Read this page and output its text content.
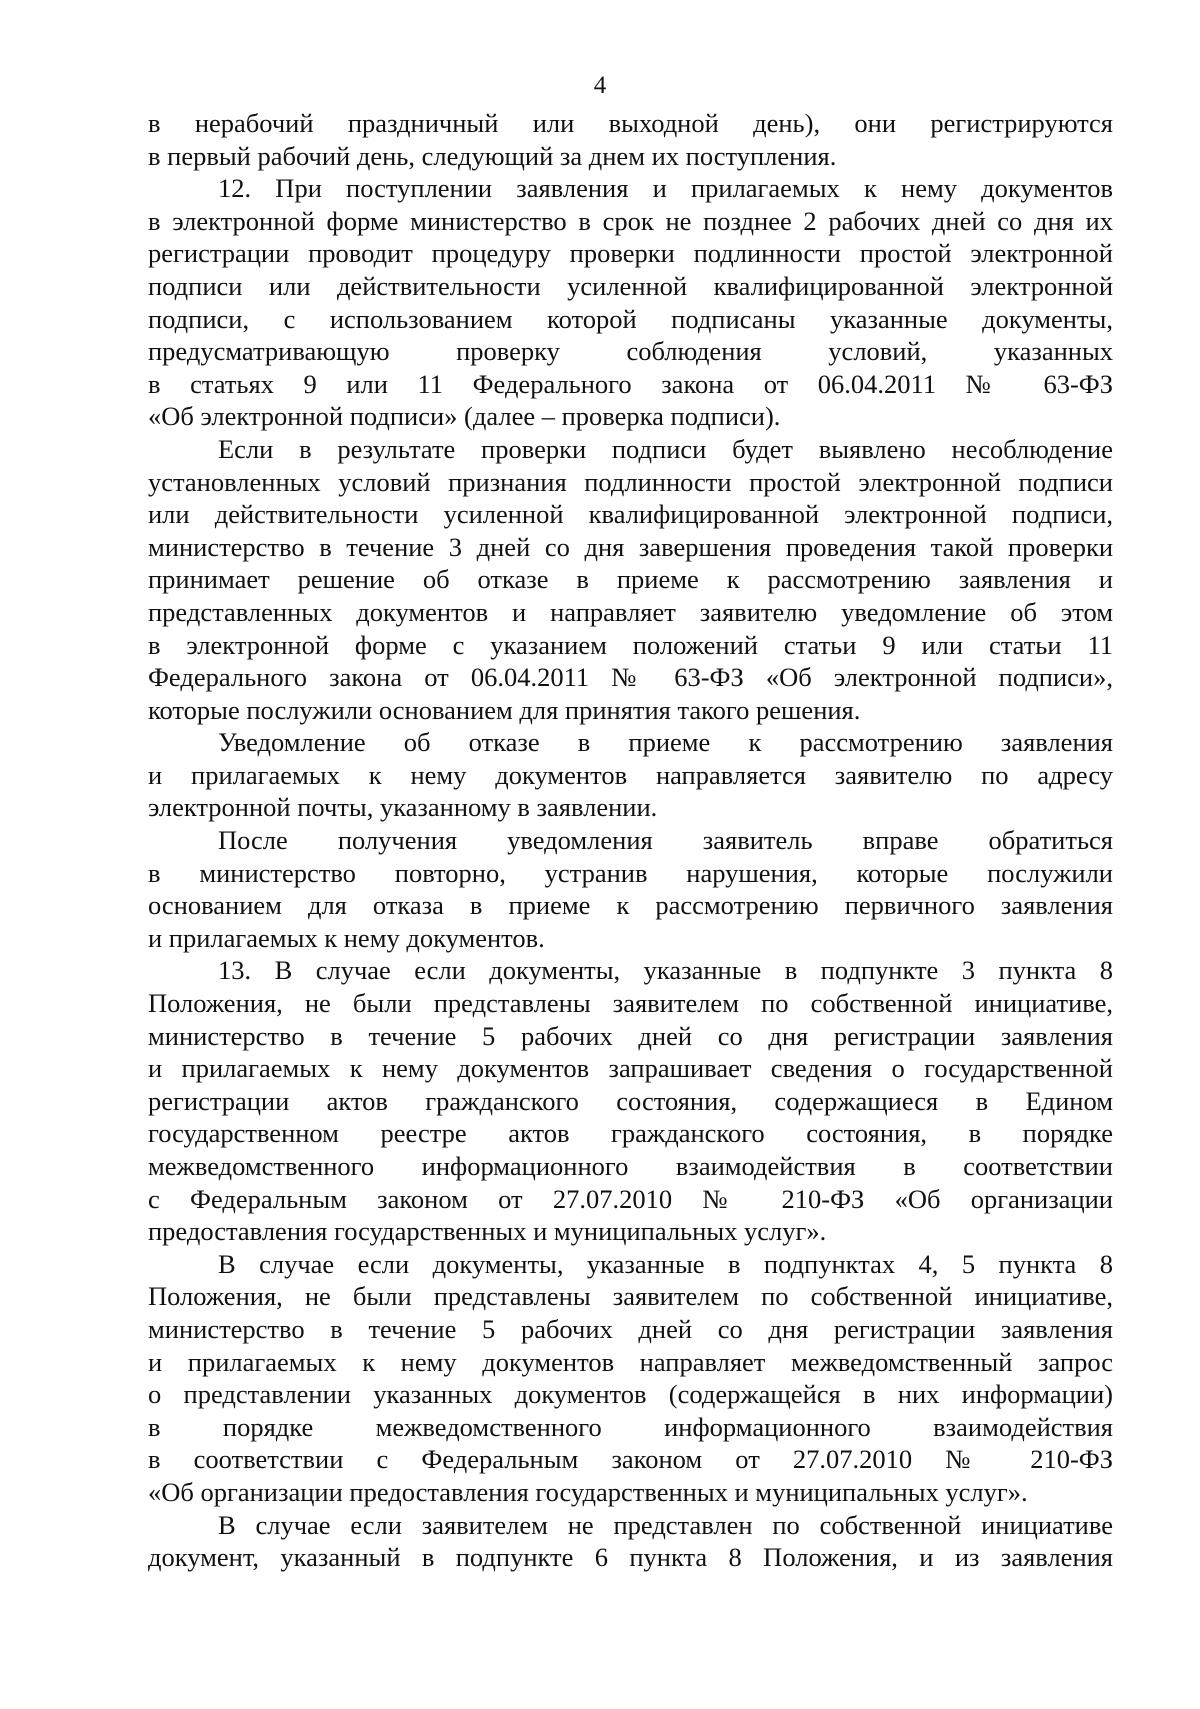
4
в нерабочий праздничный или выходной день), они регистрируются
в первый рабочий день, следующий за днем их поступления.
12. При поступлении заявления и прилагаемых к нему документов
в электронной форме министерство в срок не позднее 2 рабочих дней со дня их
регистрации проводит процедуру проверки подлинности простой электронной
подписи или действительности усиленной квалифицированной электронной
подписи, с использованием которой подписаны указанные документы,
предусматривающую проверку соблюдения условий, указанных
в статьях 9 или 11 Федерального закона от 06.04.2011 № 63-ФЗ
«Об электронной подписи» (далее – проверка подписи).
Если в результате проверки подписи будет выявлено несоблюдение
установленных условий признания подлинности простой электронной подписи
или действительности усиленной квалифицированной электронной подписи,
министерство в течение 3 дней со дня завершения проведения такой проверки
принимает решение об отказе в приеме к рассмотрению заявления и
представленных документов и направляет заявителю уведомление об этом
в электронной форме с указанием положений статьи 9 или статьи 11
Федерального закона от 06.04.2011 № 63-ФЗ «Об электронной подписи»,
которые послужили основанием для принятия такого решения.
Уведомление об отказе в приеме к рассмотрению заявления
и прилагаемых к нему документов направляется заявителю по адресу
электронной почты, указанному в заявлении.
После получения уведомления заявитель вправе обратиться
в министерство повторно, устранив нарушения, которые послужили
основанием для отказа в приеме к рассмотрению первичного заявления
и прилагаемых к нему документов.
13. В случае если документы, указанные в подпункте 3 пункта 8
Положения, не были представлены заявителем по собственной инициативе,
министерство в течение 5 рабочих дней со дня регистрации заявления
и прилагаемых к нему документов запрашивает сведения о государственной
регистрации актов гражданского состояния, содержащиеся в Едином
государственном реестре актов гражданского состояния, в порядке
межведомственного информационного взаимодействия в соответствии
с Федеральным законом от 27.07.2010 № 210-ФЗ «Об организации
предоставления государственных и муниципальных услуг».
В случае если документы, указанные в подпунктах 4, 5 пункта 8
Положения, не были представлены заявителем по собственной инициативе,
министерство в течение 5 рабочих дней со дня регистрации заявления
и прилагаемых к нему документов направляет межведомственный запрос
о представлении указанных документов (содержащейся в них информации)
в порядке межведомственного информационного взаимодействия
в соответствии с Федеральным законом от 27.07.2010 № 210-ФЗ
«Об организации предоставления государственных и муниципальных услуг».
В случае если заявителем не представлен по собственной инициативе
документ, указанный в подпункте 6 пункта 8 Положения, и из заявления
